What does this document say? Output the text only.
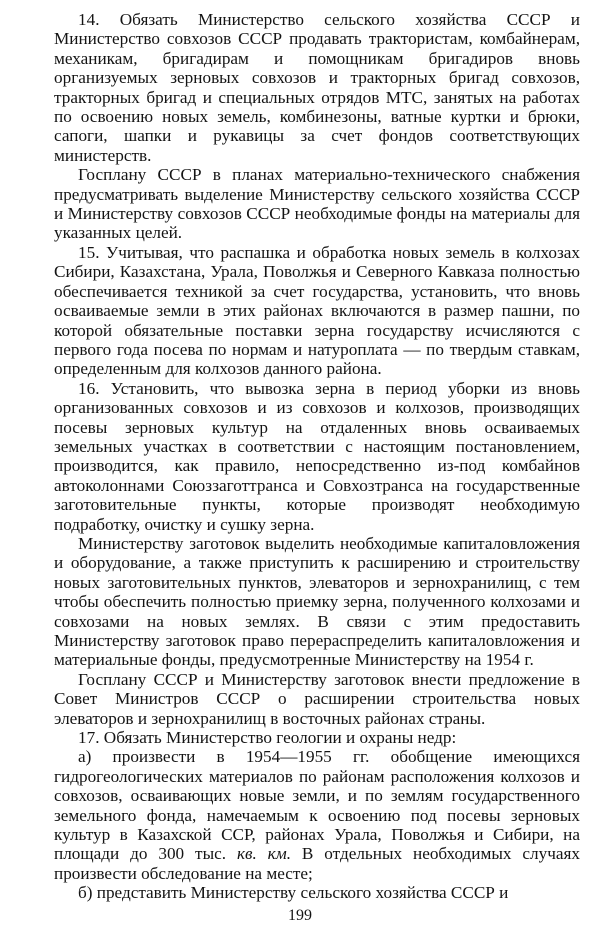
14. Обязать Министерство сельского хозяйства СССР и Министерство совхозов СССР продавать трактористам, комбайнерам, механикам, бригадирам и помощникам бригадиров вновь организуемых зерновых совхозов и тракторных бригад совхозов, тракторных бригад и специальных отрядов МТС, занятых на работах по освоению новых земель, комбинезоны, ватные куртки и брюки, сапоги, шапки и рукавицы за счет фондов соответствующих министерств.

Госплану СССР в планах материально-технического снабжения предусматривать выделение Министерству сельского хозяйства СССР и Министерству совхозов СССР необходимые фонды на материалы для указанных целей.

15. Учитывая, что распашка и обработка новых земель в колхозах Сибири, Казахстана, Урала, Поволжья и Северного Кавказа полностью обеспечивается техникой за счет государства, установить, что вновь осваиваемые земли в этих районах включаются в размер пашни, по которой обязательные поставки зерна государству исчисляются с первого года посева по нормам и натуроплата — по твердым ставкам, определенным для колхозов данного района.

16. Установить, что вывозка зерна в период уборки из вновь организованных совхозов и из совхозов и колхозов, производящих посевы зерновых культур на отдаленных вновь осваиваемых земельных участках в соответствии с настоящим постановлением, производится, как правило, непосредственно из-под комбайнов автоколоннами Союззаготтранса и Совхозтранса на государственные заготовительные пункты, которые производят необходимую подработку, очистку и сушку зерна.

Министерству заготовок выделить необходимые капиталовложения и оборудование, а также приступить к расширению и строительству новых заготовительных пунктов, элеваторов и зернохранилищ, с тем чтобы обеспечить полностью приемку зерна, полученного колхозами и совхозами на новых землях. В связи с этим предоставить Министерству заготовок право перераспределить капиталовложения и материальные фонды, предусмотренные Министерству на 1954 г.

Госплану СССР и Министерству заготовок внести предложение в Совет Министров СССР о расширении строительства новых элеваторов и зернохранилищ в восточных районах страны.

17. Обязать Министерство геологии и охраны недр:

а) произвести в 1954—1955 гг. обобщение имеющихся гидрогеологических материалов по районам расположения колхозов и совхозов, осваивающих новые земли, и по землям государственного земельного фонда, намечаемым к освоению под посевы зерновых культур в Казахской ССР, районах Урала, Поволжья и Сибири, на площади до 300 тыс. кв. км. В отдельных необходимых случаях произвести обследование на месте;

б) представить Министерству сельского хозяйства СССР и

199
